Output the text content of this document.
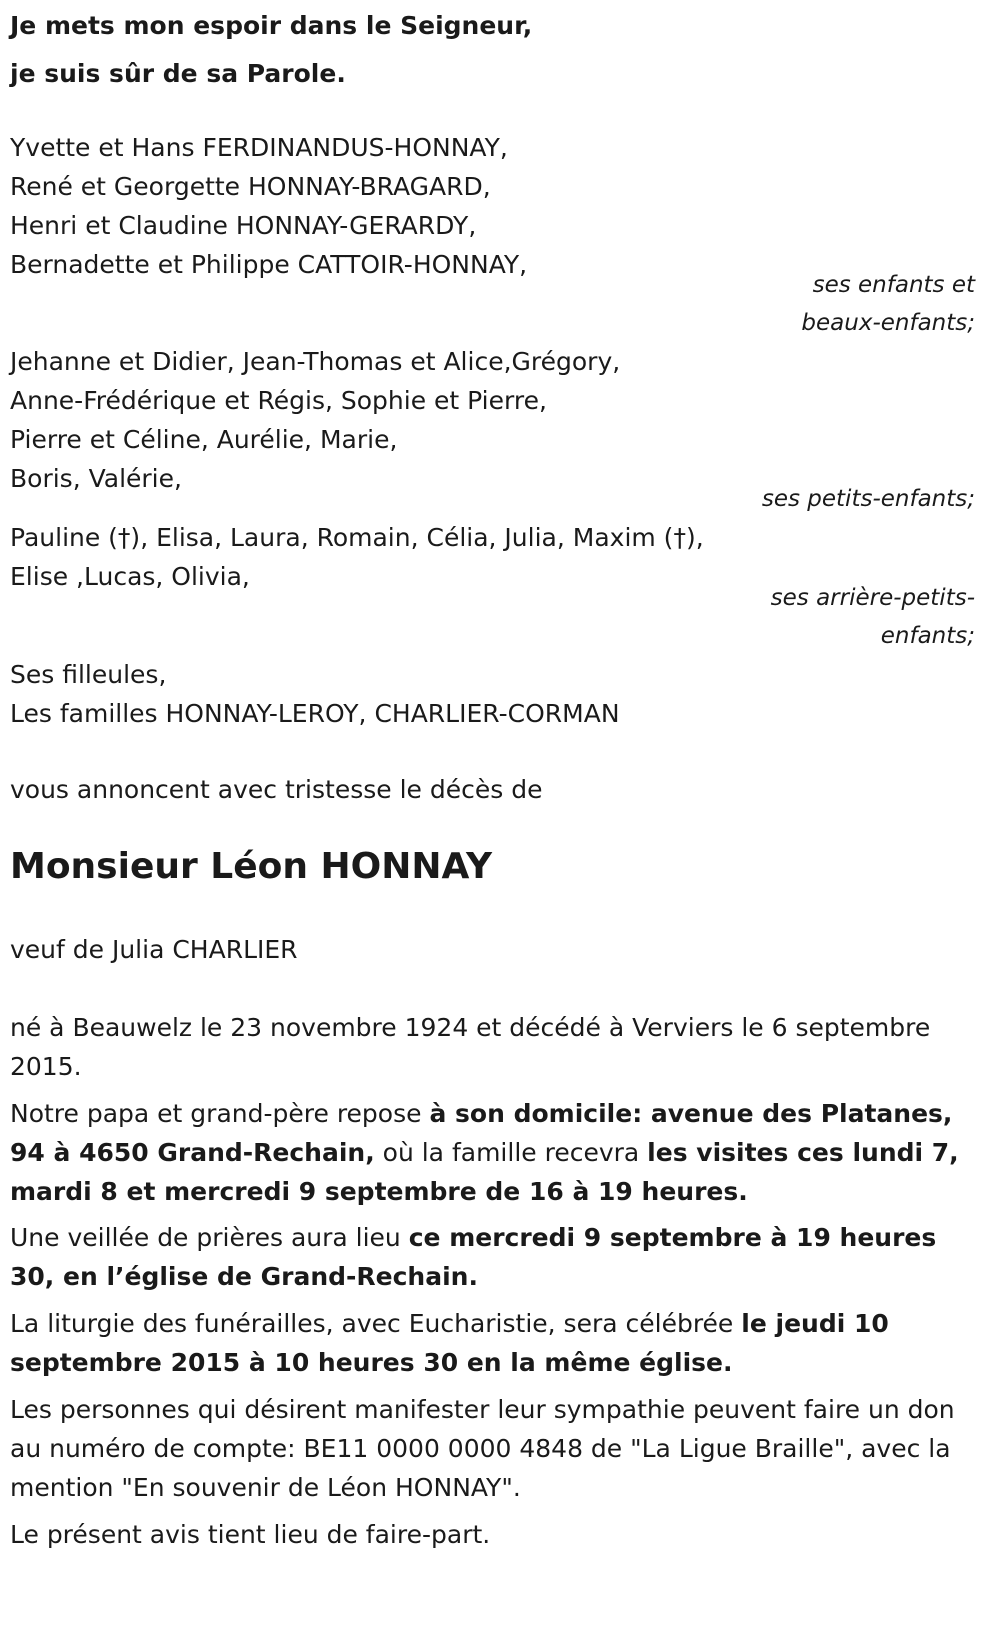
Je mets mon espoir dans le Seigneur,
je suis sûr de sa Parole.
Yvette et Hans FERDINANDUS-HONNAY,
René et Georgette HONNAY-BRAGARD,
Henri et Claudine HONNAY-GERARDY,
Bernadette et Philippe CATTOIR-HONNAY,
ses enfants et
beaux-enfants;
Jehanne et Didier, Jean-Thomas et Alice,Grégory,
Anne-Frédérique et Régis, Sophie et Pierre,
Pierre et Céline, Aurélie, Marie,
Boris, Valérie,
ses petits-enfants;
Pauline (†), Elisa, Laura, Romain, Célia, Julia, Maxim (†),
Elise ,Lucas, Olivia,
ses arrière-petits-
enfants;
Ses filleules,
Les familles HONNAY-LEROY, CHARLIER-CORMAN
vous annoncent avec tristesse le décès de
Monsieur Léon HONNAY
veuf de Julia CHARLIER
né à Beauwelz le 23 novembre 1924 et décédé à Verviers le 6 septembre 2015.
Notre papa et grand-père repose à son domicile: avenue des Platanes, 94 à 4650 Grand-Rechain, où la famille recevra les visites ces lundi 7, mardi 8 et mercredi 9 septembre de 16 à 19 heures.
Une veillée de prières aura lieu ce mercredi 9 septembre à 19 heures 30, en l’église de Grand-Rechain.
La liturgie des funérailles, avec Eucharistie, sera célébrée le jeudi 10 septembre 2015 à 10 heures 30 en la même église.
Les personnes qui désirent manifester leur sympathie peuvent faire un don au numéro de compte: BE11 0000 0000 4848 de "La Ligue Braille", avec la mention "En souvenir de Léon HONNAY".
Le présent avis tient lieu de faire-part.
